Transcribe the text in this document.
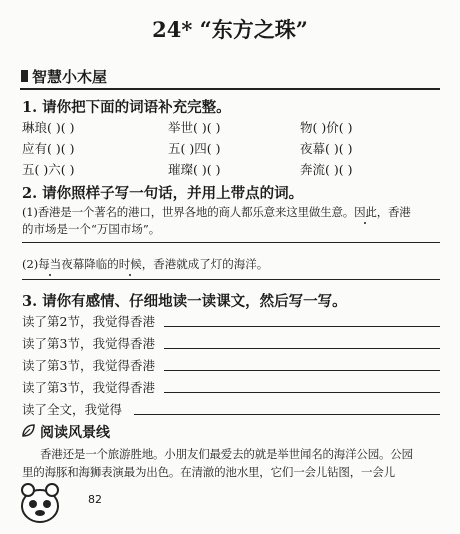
24* “东方之珠”
智慧小木屋
1. 请你把下面的词语补充完整。
琳琅( )( )	举世( )( )	物( )价( )
应有( )( )	五( )四( )	夜幕( )( )
五( )六( )	璀璨( )( )	奔流( )( )
2. 请你照样子写一句话，并用上带点的词。
(1)香港是一个著名的港口，世界各地的商人都乐意来这里做生意。因此，香港
的市场是一个“万国市场”。
(2)每当夜幕降临的时候，香港就成了灯的海洋。
3. 请你有感情、仔细地读一读课文，然后写一写。
读了第2节，我觉得香港
读了第3节，我觉得香港
读了第3节，我觉得香港
读了第3节，我觉得香港
读了全文，我觉得
阅读风景线
香港还是一个旅游胜地。小朋友们最爱去的就是举世闻名的海洋公园。公园
里的海豚和海狮表演最为出色。在清澈的池水里，它们一会儿钻图，一会儿
82
